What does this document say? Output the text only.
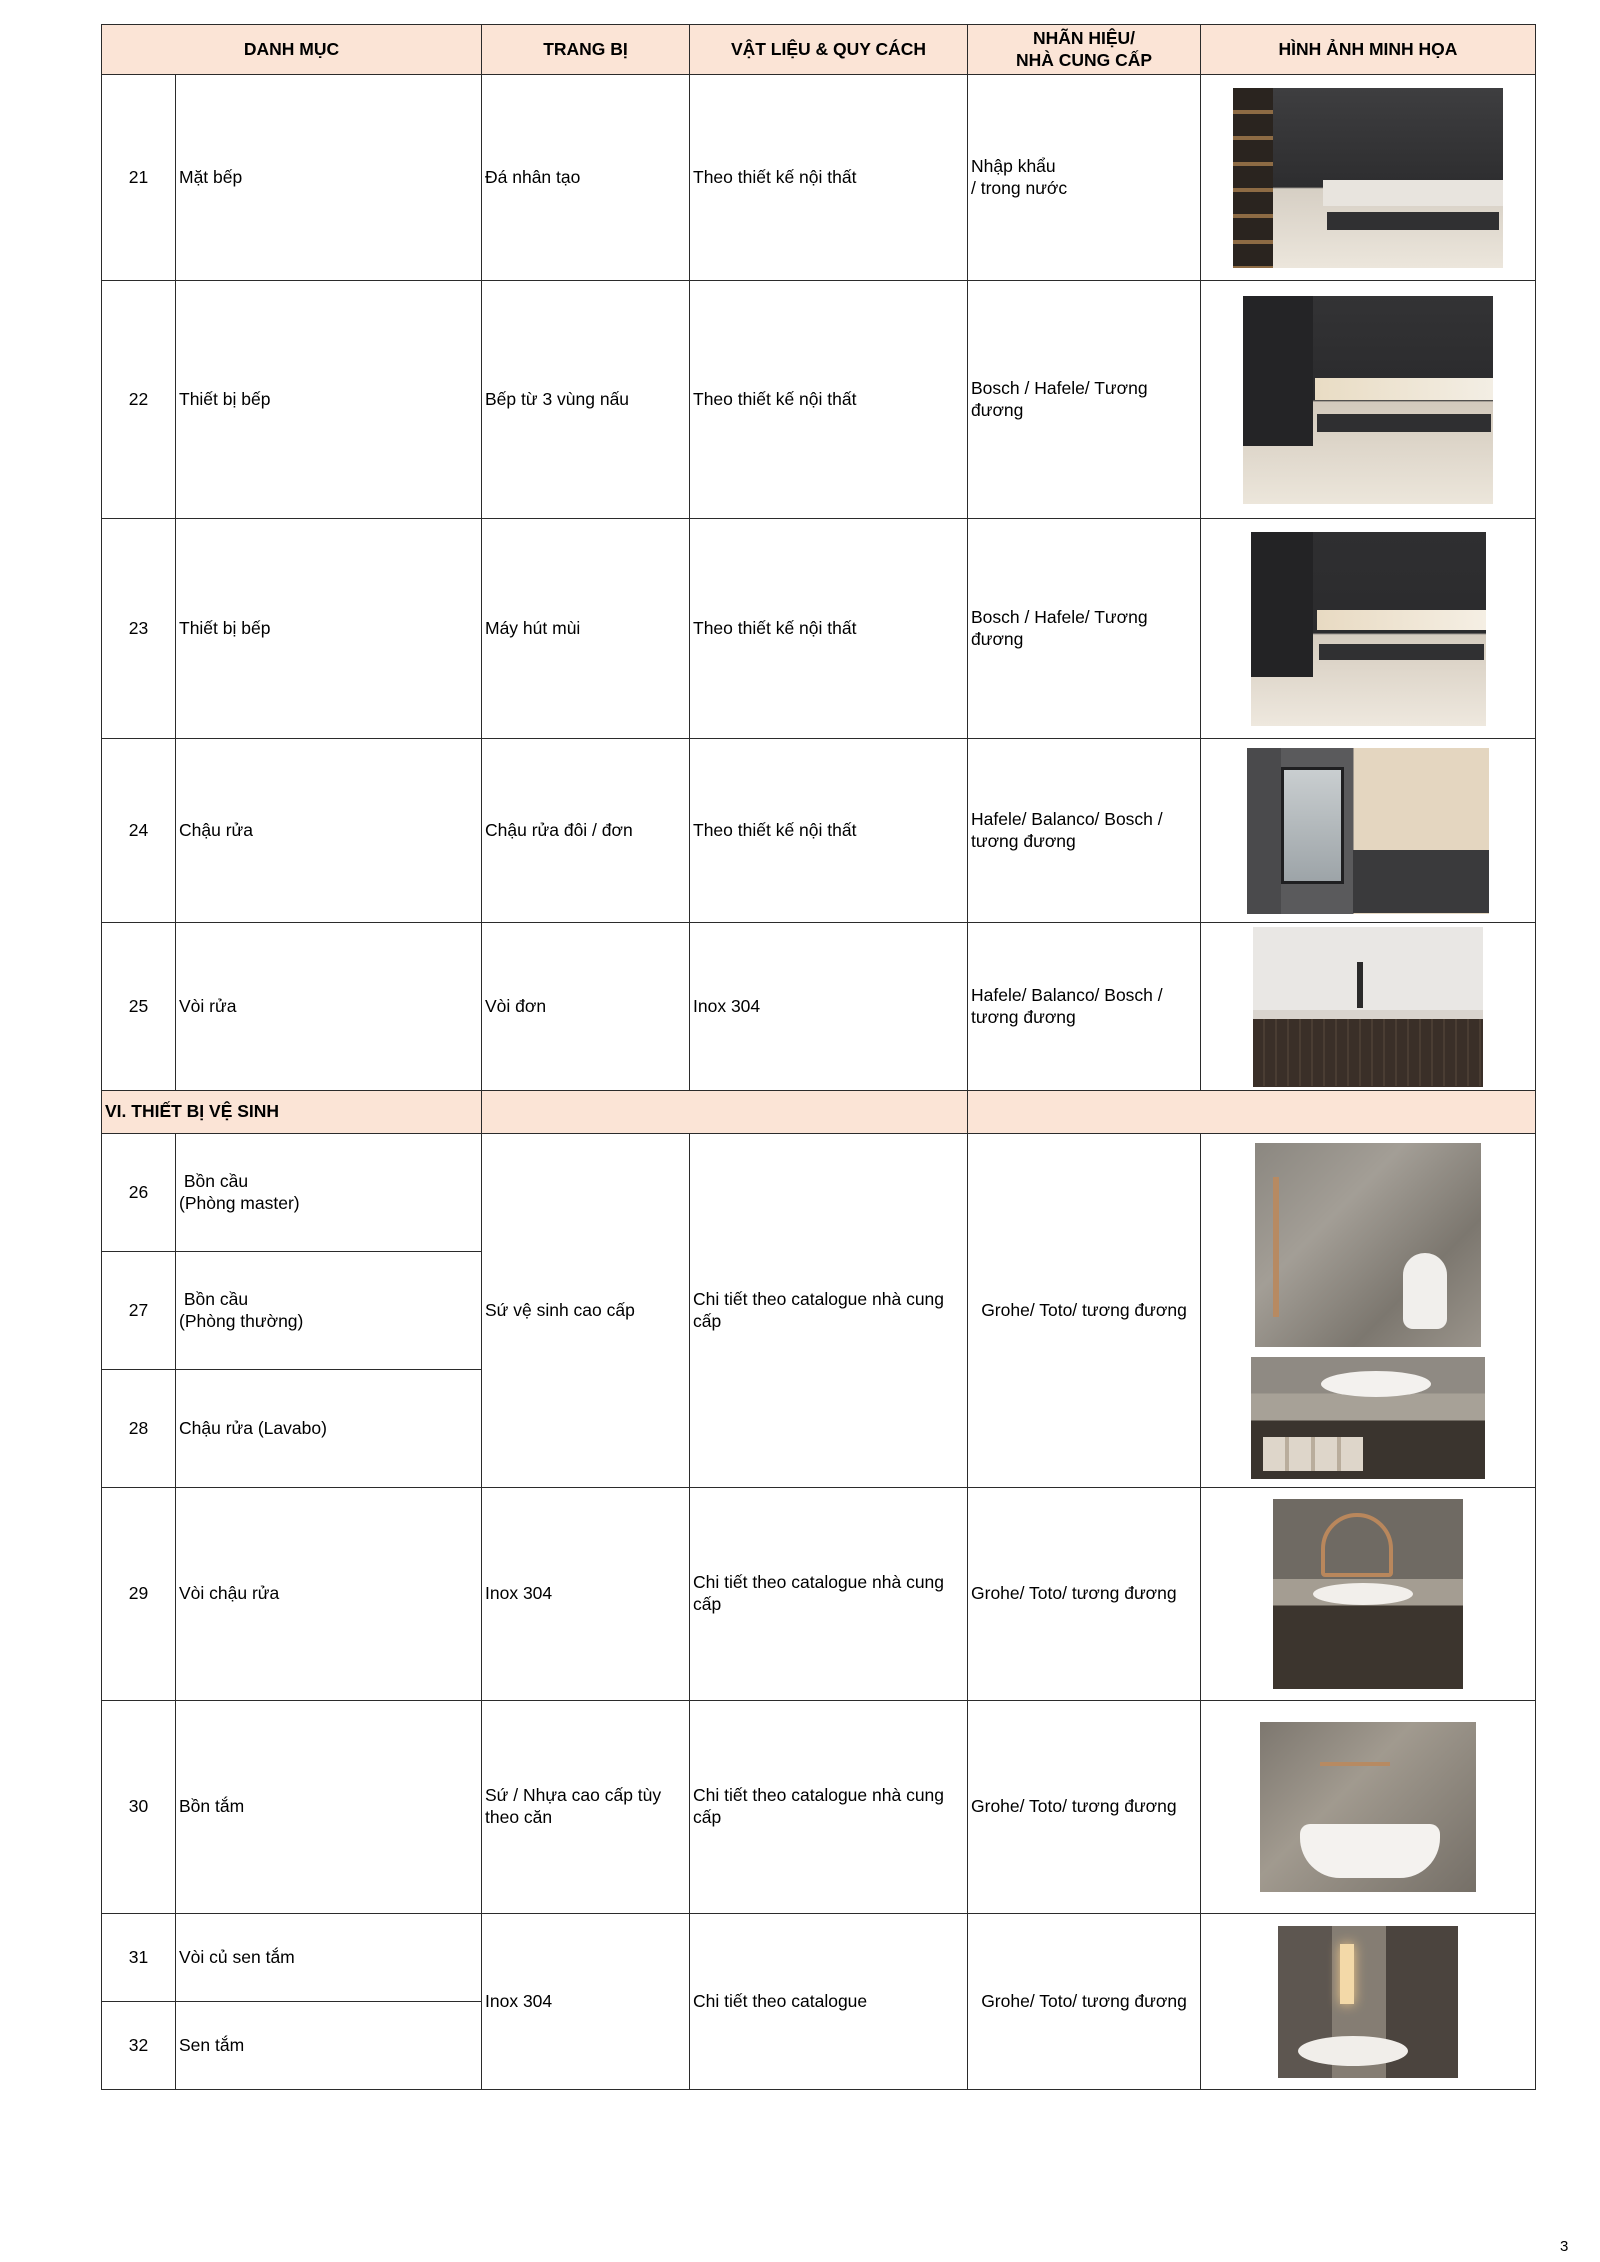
DANH MỤC		TRANG BỊ	VẬT LIỆU & QUY CÁCH	NHÃN HIỆU/
NHÀ CUNG CẤP	HÌNH ẢNH MINH HỌA
21	Mặt bếp	Đá nhân tạo	Theo thiết kế nội thất	Nhập khẩu
/ trong nước	

22	Thiết bị bếp	Bếp từ 3 vùng nấu	Theo thiết kế nội thất	Bosch / Hafele/ Tương
đương	

23	Thiết bị bếp	Máy hút mùi	Theo thiết kế nội thất	Bosch / Hafele/ Tương
đương	

24	Chậu rửa	Chậu rửa đôi / đơn	Theo thiết kế nội thất	Hafele/ Balanco/ Bosch /
tương đương	

25	Vòi rửa	Vòi đơn	Inox 304	Hafele/ Balanco/ Bosch /
tương đương	

VI. THIẾT BỊ VỆ SINH					
26	Bồn cầu
(Phòng master)	Sứ vệ sinh cao cấp	Chi tiết theo catalogue nhà cung
cấp	Grohe/ Toto/ tương đương	

27	Bồn cầu
(Phòng thường)				
28	Chậu rửa (Lavabo)				
29	Vòi chậu rửa	Inox 304	Chi tiết theo catalogue nhà cung
cấp	Grohe/ Toto/ tương đương	

30	Bồn tắm	Sứ / Nhựa cao cấp tùy
theo căn	Chi tiết theo catalogue nhà cung
cấp	Grohe/ Toto/ tương đương	

31	Vòi củ sen tắm	Inox 304	Chi tiết theo catalogue	Grohe/ Toto/ tương đương	

32	Sen tắm				
3
